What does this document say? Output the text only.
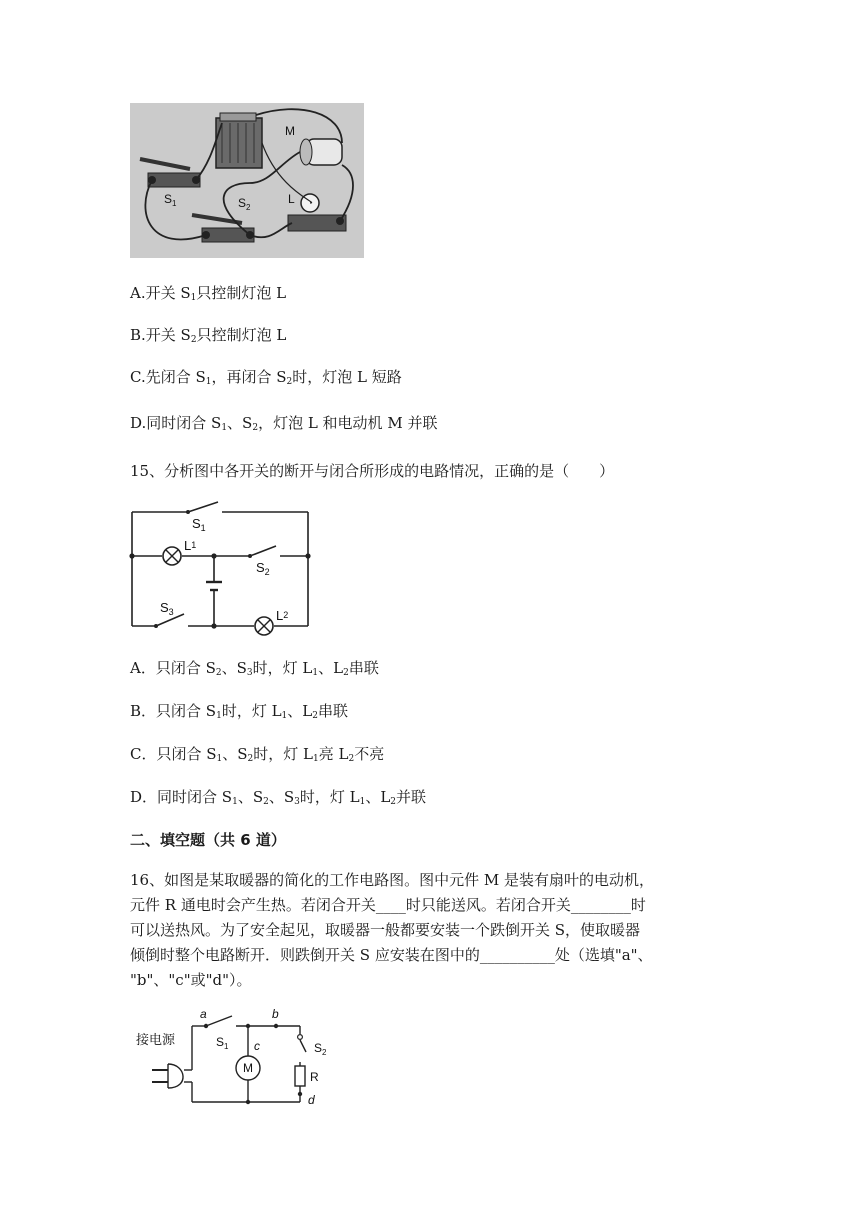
M
$S_1$	$S_2$
L
A.开关 $S_1$只控制灯泡 L
B.开关 $S_2$只控制灯泡 L
C.先闭合 $S_1$，再闭合 $S_2$时，灯泡 L 短路
D.同时闭合 $S_1$、$S_2$，灯泡 L 和电动机 M 并联
15、分析图中各开关的断开与闭合所形成的电路情况，正确的是（　　）
$S_1$
L1
$S_2$
$S_3$	L2
A．只闭合 $S_2$、$S_3$时，灯 $L_1$、$L_2$串联
B．只闭合 $S_1$时，灯 $L_1$、$L_2$串联
C．只闭合 $S_1$、$S_2$时，灯 $L_1$亮 $L_2$不亮
D．同时闭合 $S_1$、$S_2$、$S_3$时，灯 $L_1$、$L_2$并联
二、填空题（共 6 道）
16、如图是某取暖器的简化的工作电路图。图中元件 M 是装有扇叶的电动机，
元件 R 通电时会产生热。若闭合开关____时只能送风。若闭合开关________时
可以送热风。为了安全起见，取暖器一般都要安装一个跌倒开关 S，使取暖器
倾倒时整个电路断开．则跌倒开关 S 应安装在图中的__________处（选填"a"、
"b"、"c"或"d"）。
M
接电源
a	b
c
d
$S_1$	$S_2$
R
